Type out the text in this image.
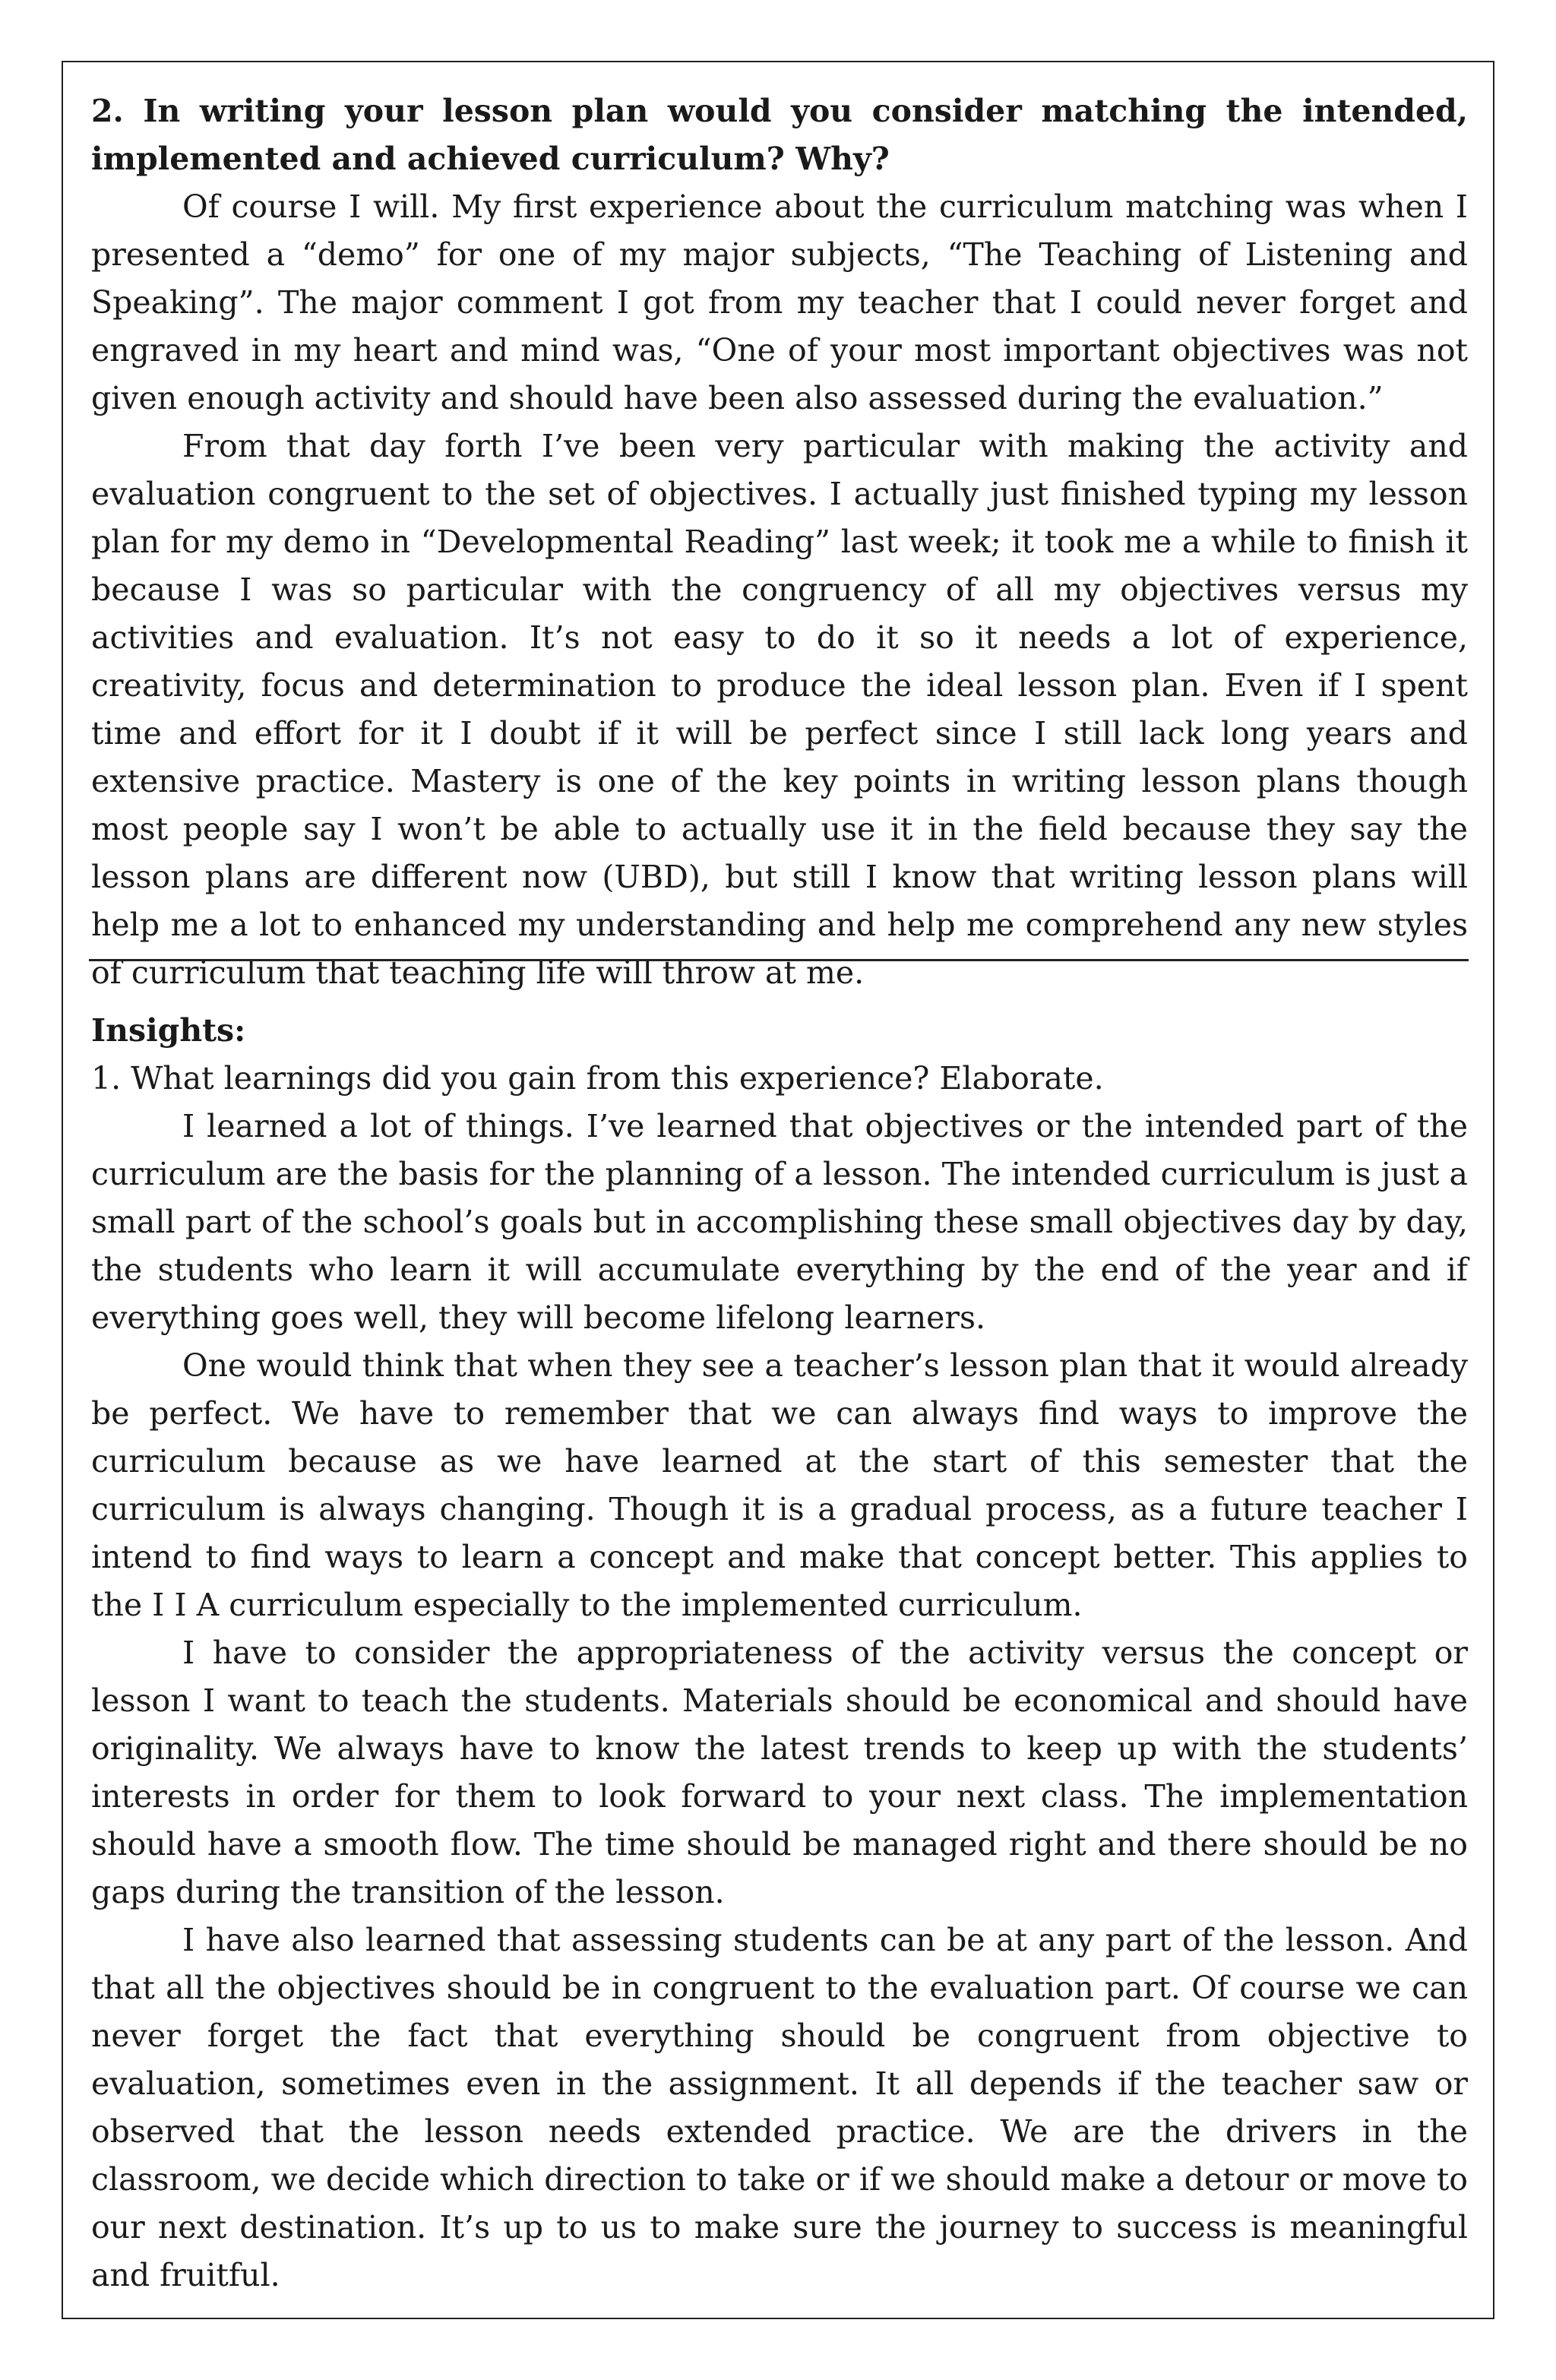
2. In writing your lesson plan would you consider matching the intended, implemented and achieved curriculum? Why?

Of course I will. My first experience about the curriculum matching was when I presented a “demo” for one of my major subjects, “The Teaching of Listening and Speaking”. The major comment I got from my teacher that I could never forget and engraved in my heart and mind was, “One of your most important objectives was not given enough activity and should have been also assessed during the evaluation.”

From that day forth I’ve been very particular with making the activity and evaluation congruent to the set of objectives. I actually just finished typing my lesson plan for my demo in “Developmental Reading” last week; it took me a while to finish it because I was so particular with the congruency of all my objectives versus my activities and evaluation. It’s not easy to do it so it needs a lot of experience, creativity, focus and determination to produce the ideal lesson plan. Even if I spent time and effort for it I doubt if it will be perfect since I still lack long years and extensive practice. Mastery is one of the key points in writing lesson plans though most people say I won’t be able to actually use it in the field because they say the lesson plans are different now (UBD), but still I know that writing lesson plans will help me a lot to enhanced my understanding and help me comprehend any new styles of curriculum that teaching life will throw at me.

Insights:

1. What learnings did you gain from this experience? Elaborate.

I learned a lot of things. I’ve learned that objectives or the intended part of the curriculum are the basis for the planning of a lesson. The intended curriculum is just a small part of the school’s goals but in accomplishing these small objectives day by day, the students who learn it will accumulate everything by the end of the year and if everything goes well, they will become lifelong learners.

One would think that when they see a teacher’s lesson plan that it would already be perfect. We have to remember that we can always find ways to improve the curriculum because as we have learned at the start of this semester that the curriculum is always changing. Though it is a gradual process, as a future teacher I intend to find ways to learn a concept and make that concept better. This applies to the I I A curriculum especially to the implemented curriculum.

I have to consider the appropriateness of the activity versus the concept or lesson I want to teach the students. Materials should be economical and should have originality. We always have to know the latest trends to keep up with the students’ interests in order for them to look forward to your next class. The implementation should have a smooth flow. The time should be managed right and there should be no gaps during the transition of the lesson.

I have also learned that assessing students can be at any part of the lesson. And that all the objectives should be in congruent to the evaluation part. Of course we can never forget the fact that everything should be congruent from objective to evaluation, sometimes even in the assignment. It all depends if the teacher saw or observed that the lesson needs extended practice. We are the drivers in the classroom, we decide which direction to take or if we should make a detour or move to our next destination. It’s up to us to make sure the journey to success is meaningful and fruitful.
